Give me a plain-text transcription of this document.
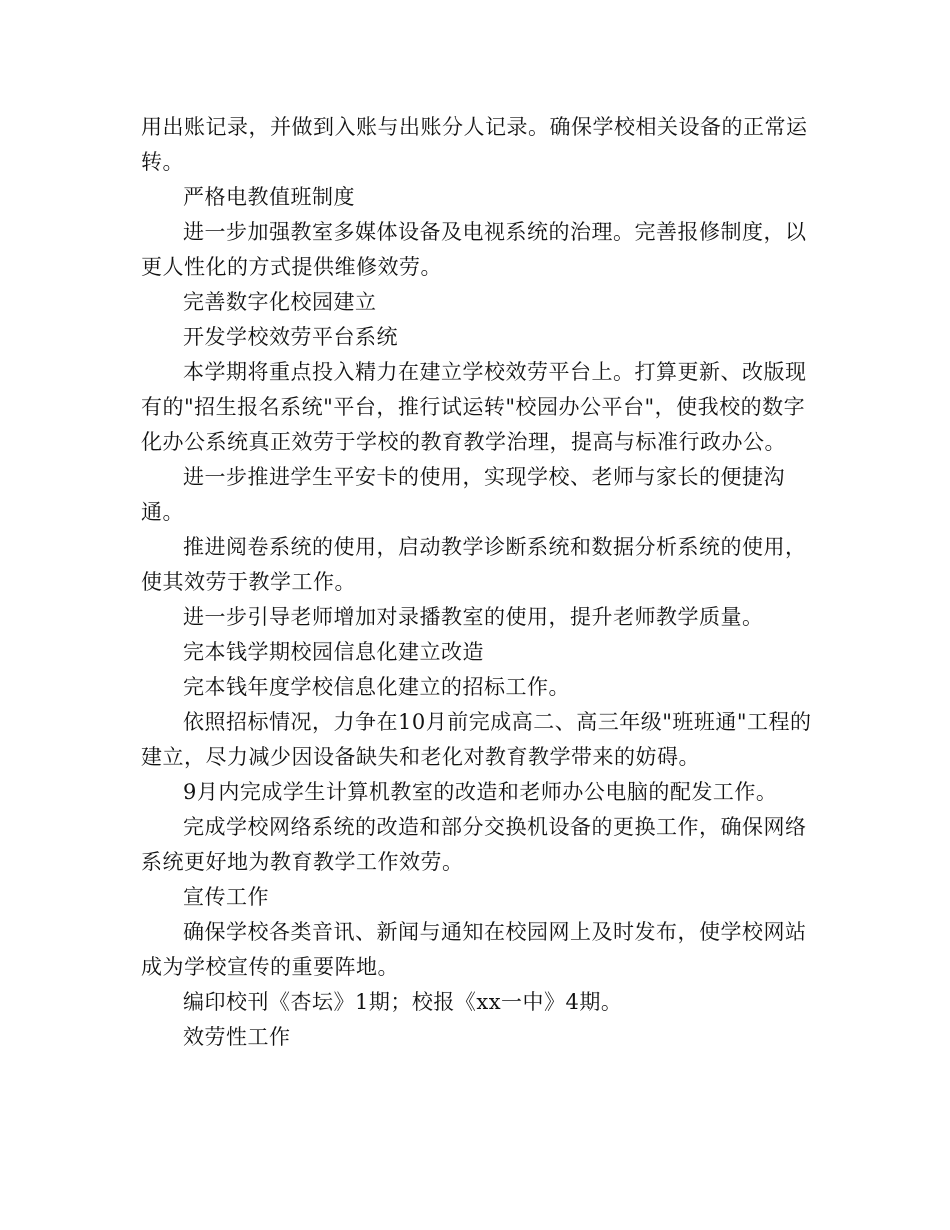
用出账记录，并做到入账与出账分人记录。确保学校相关设备的正常运转。

严格电教值班制度

进一步加强教室多媒体设备及电视系统的治理。完善报修制度，以更人性化的方式提供维修效劳。

完善数字化校园建立

开发学校效劳平台系统

本学期将重点投入精力在建立学校效劳平台上。打算更新、改版现有的"招生报名系统"平台，推行试运转"校园办公平台"，使我校的数字化办公系统真正效劳于学校的教育教学治理，提高与标准行政办公。

进一步推进学生平安卡的使用，实现学校、老师与家长的便捷沟通。

推进阅卷系统的使用，启动教学诊断系统和数据分析系统的使用，使其效劳于教学工作。

进一步引导老师增加对录播教室的使用，提升老师教学质量。

完本钱学期校园信息化建立改造

完本钱年度学校信息化建立的招标工作。

依照招标情况，力争在10月前完成高二、高三年级"班班通"工程的建立，尽力减少因设备缺失和老化对教育教学带来的妨碍。

9月内完成学生计算机教室的改造和老师办公电脑的配发工作。

完成学校网络系统的改造和部分交换机设备的更换工作，确保网络系统更好地为教育教学工作效劳。

宣传工作

确保学校各类音讯、新闻与通知在校园网上及时发布，使学校网站成为学校宣传的重要阵地。

编印校刊《杏坛》1期；校报《xx一中》4期。

效劳性工作
